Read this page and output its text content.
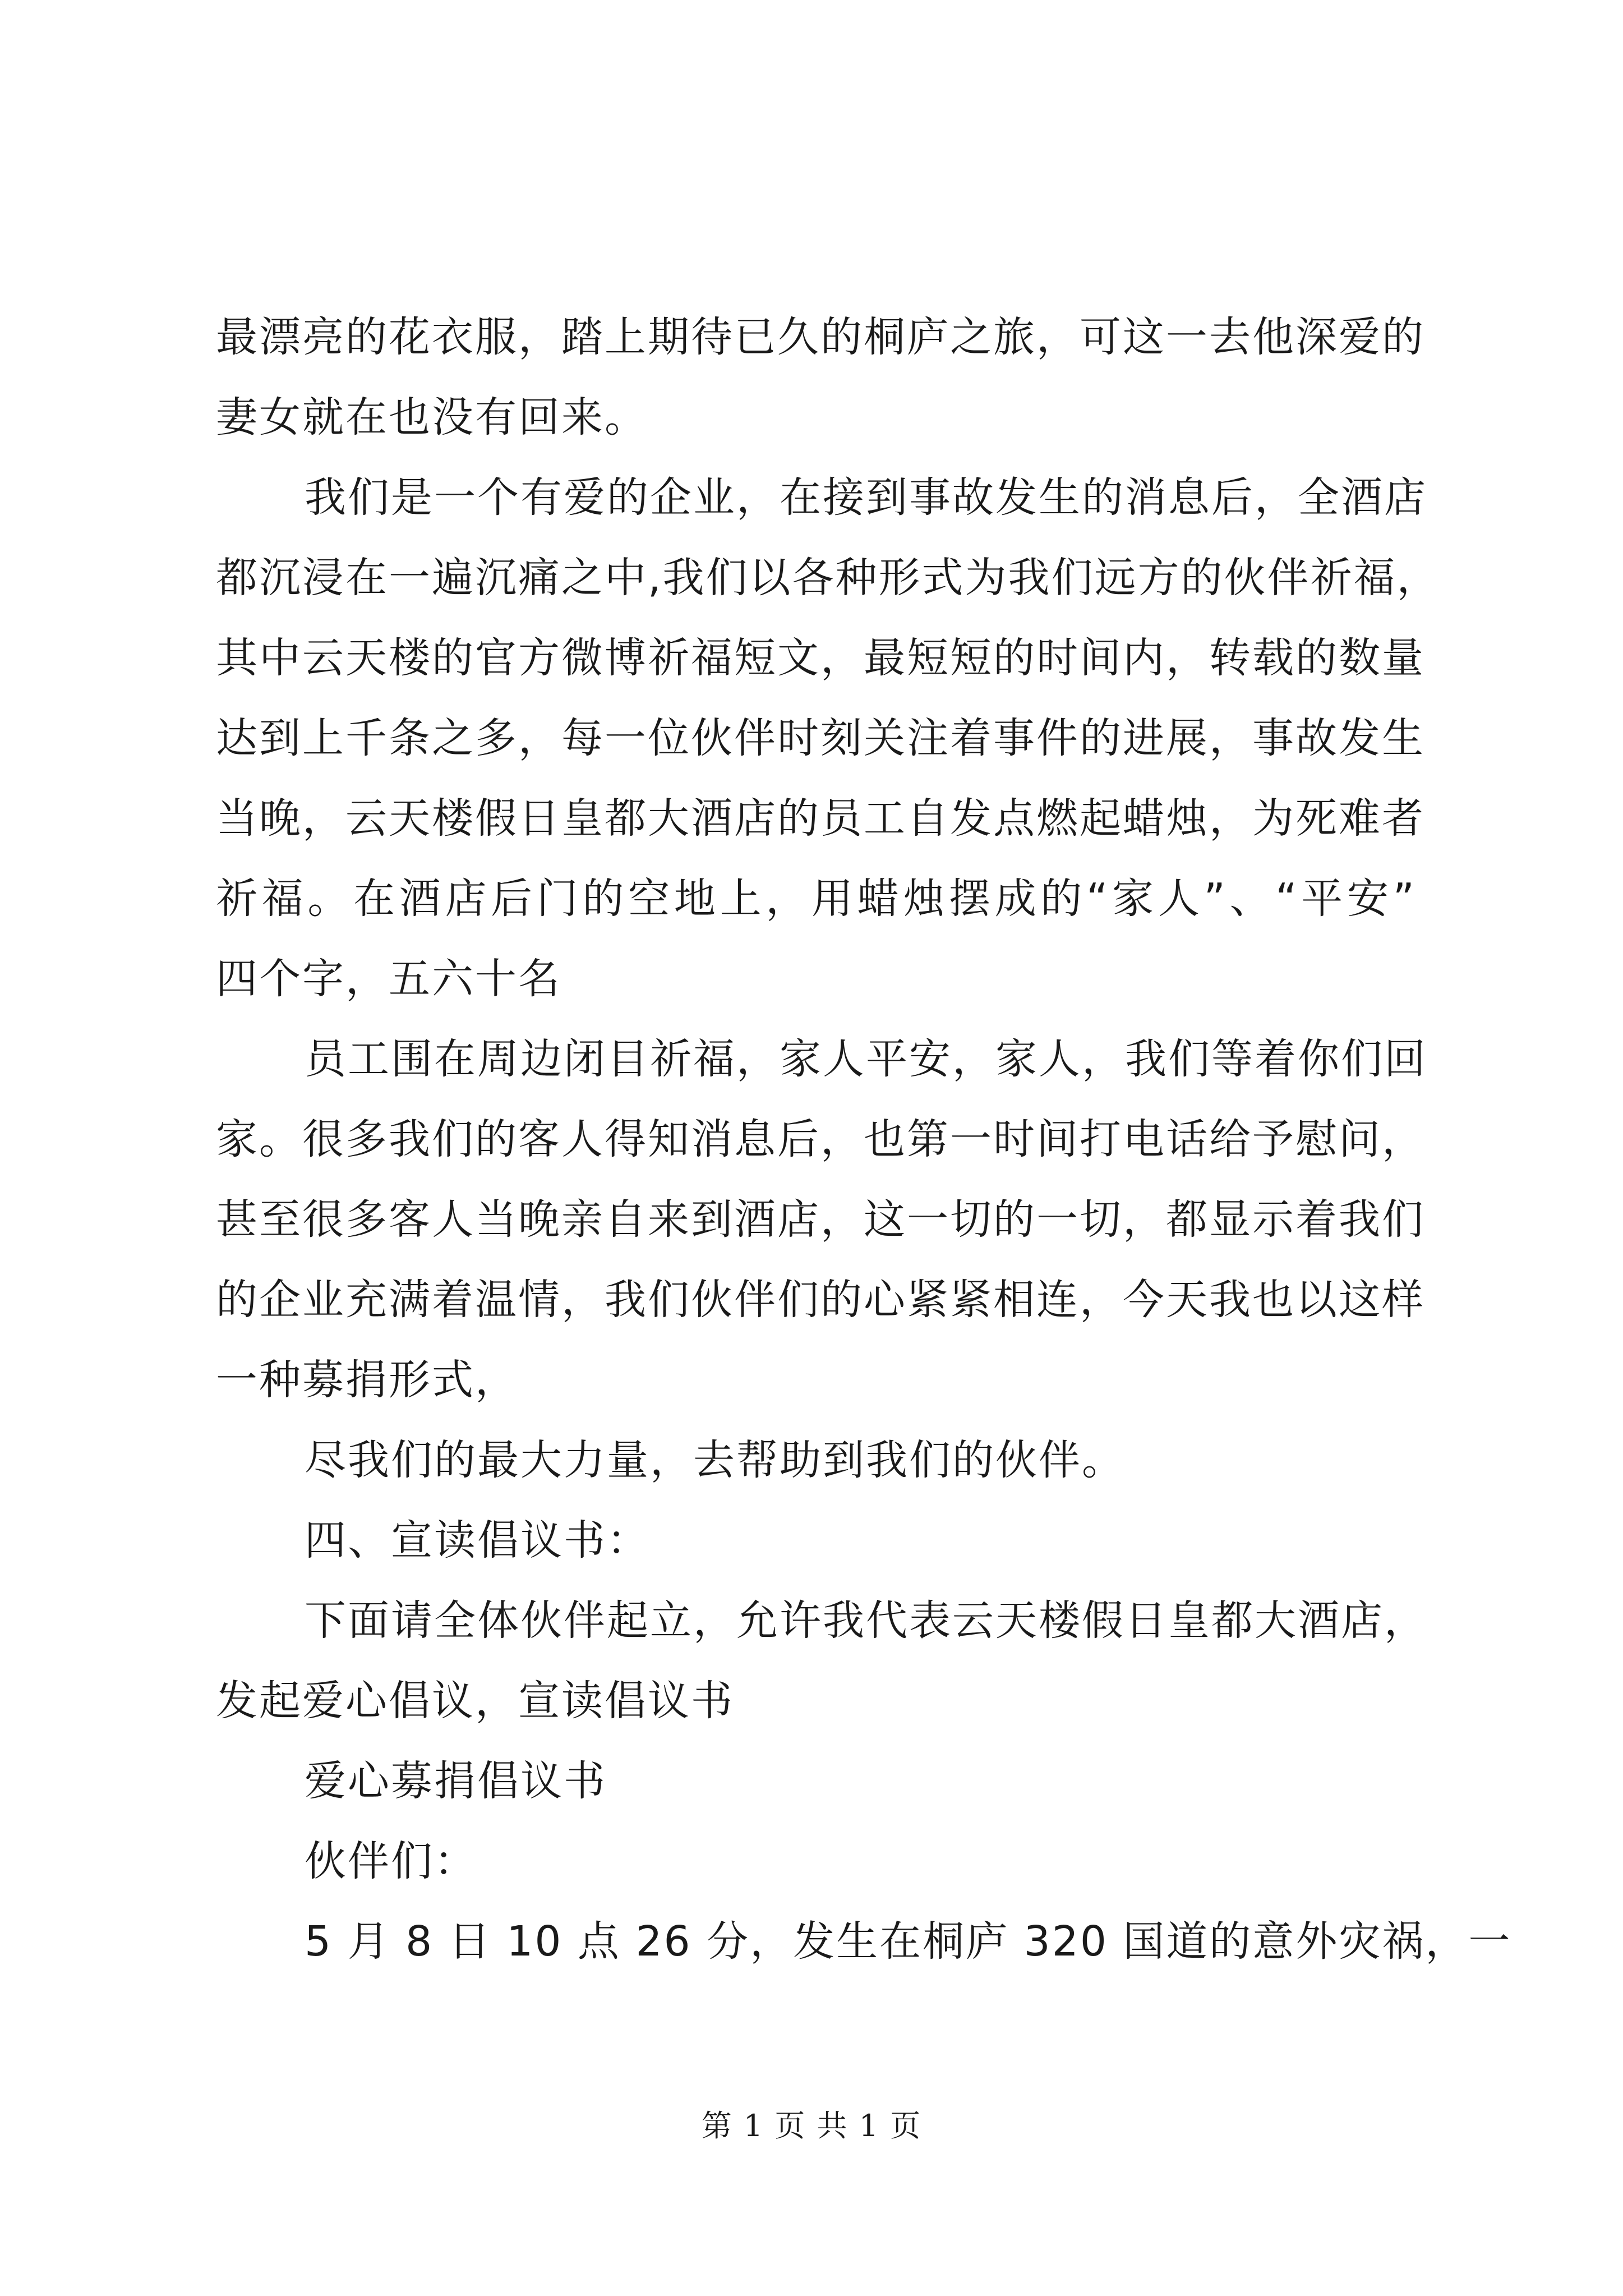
最漂亮的花衣服，踏上期待已久的桐庐之旅，可这一去他深爱的
妻女就在也没有回来。
我们是一个有爱的企业，在接到事故发生的消息后，全酒店
都沉浸在一遍沉痛之中,我们以各种形式为我们远方的伙伴祈福，
其中云天楼的官方微博祈福短文，最短短的时间内，转载的数量
达到上千条之多，每一位伙伴时刻关注着事件的进展，事故发生
当晚，云天楼假日皇都大酒店的员工自发点燃起蜡烛，为死难者
祈福。在酒店后门的空地上，用蜡烛摆成的“家人”、“平安”
四个字，五六十名
员工围在周边闭目祈福，家人平安，家人，我们等着你们回
家。很多我们的客人得知消息后，也第一时间打电话给予慰问，
甚至很多客人当晚亲自来到酒店，这一切的一切，都显示着我们
的企业充满着温情，我们伙伴们的心紧紧相连，今天我也以这样
一种募捐形式，
尽我们的最大力量，去帮助到我们的伙伴。
四、宣读倡议书：
下面请全体伙伴起立，允许我代表云天楼假日皇都大酒店，
发起爱心倡议，宣读倡议书
爱心募捐倡议书
伙伴们：
5 月 8 日 10 点 26 分，发生在桐庐 320 国道的意外灾祸，一
第 1 页 共 1 页
